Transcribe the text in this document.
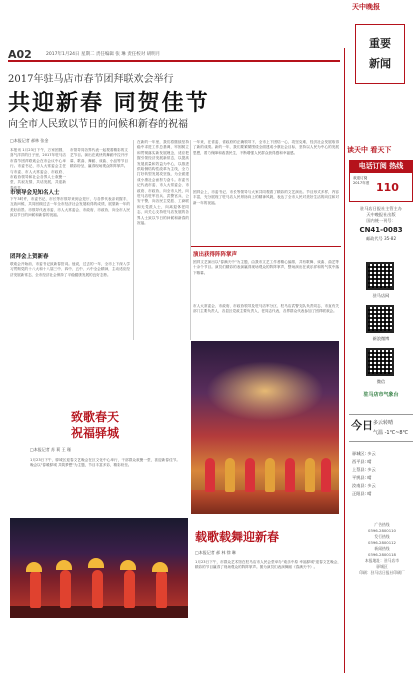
A02	2017年1月24日 星期二 责任编辑 张 琳 责任校对 胡明月
2017年驻马店市春节团拜联欢会举行
共迎新春 同贺佳节
向全市人民致以节日的问候和新春的祝福
□本报记者 郝林 张金
本报讯 1月23日下午，万家团圆，喜气洋洋的日子里，2017年驻马店市春节团拜联欢会在市会议中心举行。市委书记、市人大常委会主任与市委、市人大常委会、市政府、市政协领导和社会各界人士欢聚一堂，共叙友情，共话发展，共迎新春佳节。
市领导同各界代表一起观看精彩的文艺节目。演出在欢快的舞蹈中拉开序幕，歌曲、舞蹈、戏曲、小品等节目精彩纷呈，赢得现场观众阵阵掌声。
市领导会见知名人士
下午3时许，市委书记、市长等市领导来到会见厅，与各界代表亲切握手，互致问候，共同回顾过去一年全市经济社会发展取得的成绩，展望新一年的美好前景。市领导代表市委、市人大常委会、市政府、市政协，向全市人民致以节日的问候和新春的祝福。
团拜会上贺新春
联欢会开始前，市委书记致新春贺词。他说，过去的一年，全市上下深入学习贯彻党的十八大和十八届三中、四中、五中、六中全会精神，主动适应经济发展新常态，全市经济社会保持了平稳健康发展的良好态势。
在新的一年里，我们将继续坚持稳中求进工作总基调，牢固树立和贯彻落实新发展理念，适应把握引领经济发展新常态，以提高发展质量和效益为中心，以推进供给侧结构性改革为主线，全力打好转型发展攻坚战，为全面建成小康社会而努力奋斗。市委书记代表市委、市人大常委会、市政府、市政协，向全市人民，向驻马店驻军官兵、武警官兵、公安干警，向各民主党派、工商联和无党派人士，向离退休老同志，向关心支持驻马店发展的各界人士致以节日的问候和新春的祝福。
一年来，在省委、省政府的正确领导下，全市上下团结一心，攻坚克难，经济社会发展取得了新的成绩。新的一年，我们要紧紧围绕全面建成小康社会目标，坚持以人民为中心的发展思想，着力保障和改善民生，不断增强人民群众获得感和幸福感。
团拜会上，市委书记、市长等领导与大家共同观看了精彩的文艺演出。节目形式多样，内容丰富，充分展现了驻马店人民昂扬向上的精神风貌，表达了全市人民对美好生活的向往和对新一年的祝福。
演出获得阵阵掌声
团拜文艺演出以"春满天中"为主题，由我市文艺工作者精心编排，共有歌舞、戏曲、曲艺等十余个节目。演员们精彩的表演赢得现场观众的阵阵掌声，整场演出在欢乐祥和的气氛中落下帷幕。
市人大常委会、市政府、市政协领导及驻马店军分区、驻马店武警支队负责同志，市直有关部门主要负责人，各县区党政主要负责人，老同志代表，各界群众代表参加了团拜联欢会。
致歌春天
祝福驿城
□本报记者 苏 莉 王 瑾
1月23日下午，驿城区迎春文艺晚会在区文化中心举行，干部群众欢聚一堂，喜迎新春佳节。晚会以"春暖驿城 共筑梦想"为主题，节目丰富多彩，精彩纷呈。
载歌载舞迎新春
□本报记者 郝 林 徐 琳
1月23日下午，市群众艺术馆在驻马店市人民会堂举办"欢乐中原 幸福驿城"迎春文艺晚会，精彩的节目赢得了现场观众的阵阵掌声。图为演员们表演舞蹈《春满天中》。
天中晚报
重要
新闻
读天中 看天下
电话订阅 热线
欢迎订阅 2017年度 110
驻马店日报社主管主办
天中晚报社出版
国内统一刊号：
CN41-0083
邮政代号 35-82
驻马店网
新浪微博
微信
驻马店市气象台
今日 多云转晴
气温 -1℃~8℃
驿城区: 多云
西平县: 晴
上蔡县: 多云
平舆县: 晴
汝南县: 多云
正阳县: 晴
广告热线
0396-2800110
发行热线
0396-2800112
新闻热线
0396-2800118
本报地址：驻马店市
驿城区
印刷：驻马店日报社印刷厂
